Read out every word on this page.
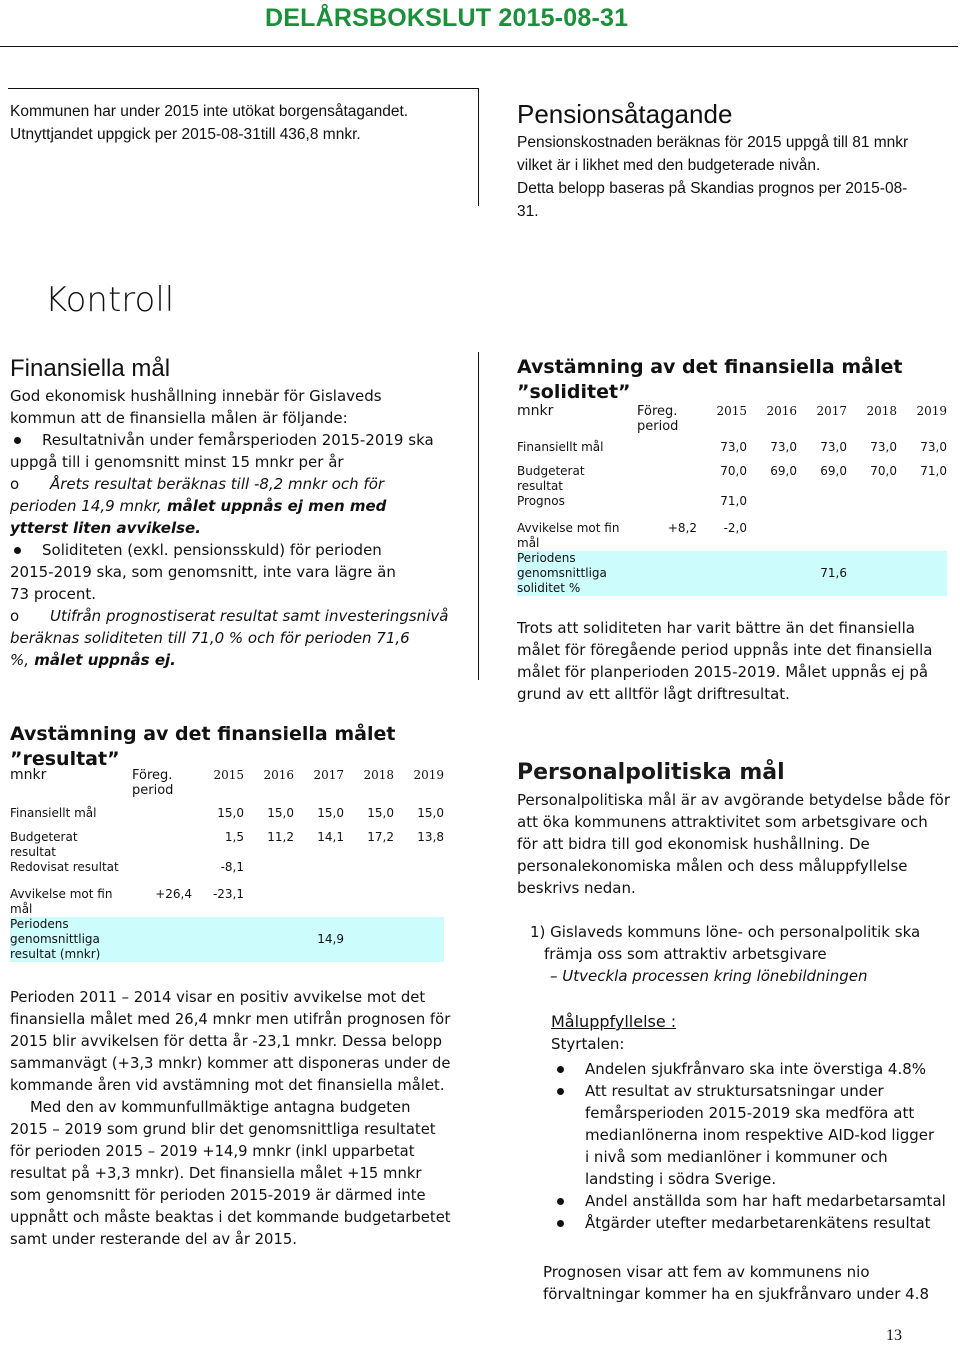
DELÅRSBOKSLUT 2015-08-31
Kommunen har under 2015 inte utökat borgensåtagandet. Utnyttjandet uppgick per 2015-08-31till 436,8 mnkr.
Pensionsåtagande
Pensionskostnaden beräknas för 2015 uppgå till 81 mnkr
vilket är i likhet med den budgeterade nivån.
Detta belopp baseras på Skandias prognos per 2015-08-
31.
Kontroll
Finansiella mål
God ekonomisk hushållning innebär för Gislaveds
kommun att de finansiella målen är följande:
Resultatnivån under femårsperioden 2015-2019 ska
uppgå till i genomsnitt minst 15 mnkr per år
o Årets resultat beräknas till -8,2 mnkr och för
perioden 14,9 mnkr, målet uppnås ej men med
ytterst liten avvikelse.
Soliditeten (exkl. pensionsskuld) för perioden
2015-2019 ska, som genomsnitt, inte vara lägre än
73 procent.
o Utifrån prognostiserat resultat samt investeringsnivå
beräknas soliditeten till 71,0 % och för perioden 71,6
%, målet uppnås ej.
Avstämning av det finansiella målet
”resultat”
mnkr	Föreg.
period	2015	2016	2017	2018	2019

Finansiellt mål		15,0	15,0	15,0	15,0	15,0

Budgeterat
resultat		1,5	11,2	14,1	17,2	13,8
Redovisat resultat		-8,1				

Avvikelse mot fin
mål	+26,4	-23,1				

Periodens
genomsnittliga
resultat (mnkr)				14,9		
Perioden 2011 – 2014 visar en positiv avvikelse mot det
finansiella målet med 26,4 mnkr men utifrån prognosen för
2015 blir avvikelsen för detta år -23,1 mnkr. Dessa belopp
sammanvägt (+3,3 mnkr) kommer att disponeras under de
kommande åren vid avstämning mot det finansiella målet.
Med den av kommunfullmäktige antagna budgeten
2015 – 2019 som grund blir det genomsnittliga resultatet
för perioden 2015 – 2019 +14,9 mnkr (inkl upparbetat
resultat på +3,3 mnkr). Det finansiella målet +15 mnkr
som genomsnitt för perioden 2015-2019 är därmed inte
uppnått och måste beaktas i det kommande budgetarbetet
samt under resterande del av år 2015.
Avstämning av det finansiella målet
”soliditet”
mnkr	Föreg.
period	2015	2016	2017	2018	2019

Finansiellt mål		73,0	73,0	73,0	73,0	73,0

Budgeterat
resultat		70,0	69,0	69,0	70,0	71,0
Prognos		71,0				

Avvikelse mot fin
mål	+8,2	-2,0				

Periodens
genomsnittliga
soliditet %				71,6		
Trots att soliditeten har varit bättre än det finansiella
målet för föregående period uppnås inte det finansiella
målet för planperioden 2015-2019. Målet uppnås ej på
grund av ett alltför lågt driftresultat.
Personalpolitiska mål
Personalpolitiska mål är av avgörande betydelse både för
att öka kommunens attraktivitet som arbetsgivare och
för att bidra till god ekonomisk hushållning. De
personalekonomiska målen och dess måluppfyllelse
beskrivs nedan.
1) Gislaveds kommuns löne- och personalpolitik ska
främja oss som attraktiv arbetsgivare
– Utveckla processen kring lönebildningen
Måluppfyllelse :
Styrtalen:
Andelen sjukfrånvaro ska inte överstiga 4.8%
Att resultat av struktursatsningar under
femårsperioden 2015-2019 ska medföra att
medianlönerna inom respektive AID-kod ligger
i nivå som medianlöner i kommuner och
landsting i södra Sverige.
Andel anställda som har haft medarbetarsamtal
Åtgärder utefter medarbetarenkätens resultat
Prognosen visar att fem av kommunens nio
förvaltningar kommer ha en sjukfrånvaro under 4.8
13
